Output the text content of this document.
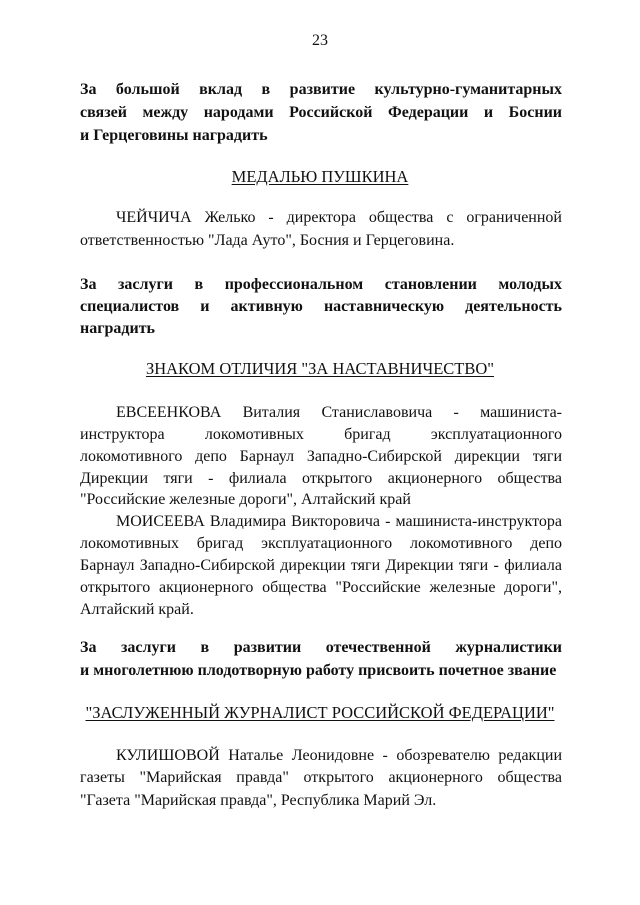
23
За большой вклад в развитие культурно-гуманитарных
связей между народами Российской Федерации и Боснии
и Герцеговины наградить
МЕДАЛЬЮ ПУШКИНА
ЧЕЙЧИЧА Желько - директора общества с ограниченной
ответственностью "Лада Ауто", Босния и Герцеговина.
За заслуги в профессиональном становлении молодых
специалистов и активную наставническую деятельность
наградить
ЗНАКОМ ОТЛИЧИЯ "ЗА НАСТАВНИЧЕСТВО"
ЕВСЕЕНКОВА Виталия Станиславовича - машиниста-
инструктора локомотивных бригад эксплуатационного
локомотивного депо Барнаул Западно-Сибирской дирекции тяги
Дирекции тяги - филиала открытого акционерного общества
"Российские железные дороги", Алтайский край
МОИСЕЕВА Владимира Викторовича - машиниста-инструктора
локомотивных бригад эксплуатационного локомотивного депо
Барнаул Западно-Сибирской дирекции тяги Дирекции тяги - филиала
открытого акционерного общества "Российские железные дороги",
Алтайский край.
За заслуги в развитии отечественной журналистики
и многолетнюю плодотворную работу присвоить почетное звание
"ЗАСЛУЖЕННЫЙ ЖУРНАЛИСТ РОССИЙСКОЙ ФЕДЕРАЦИИ"
КУЛИШОВОЙ Наталье Леонидовне - обозревателю редакции
газеты "Марийская правда" открытого акционерного общества
"Газета "Марийская правда", Республика Марий Эл.
